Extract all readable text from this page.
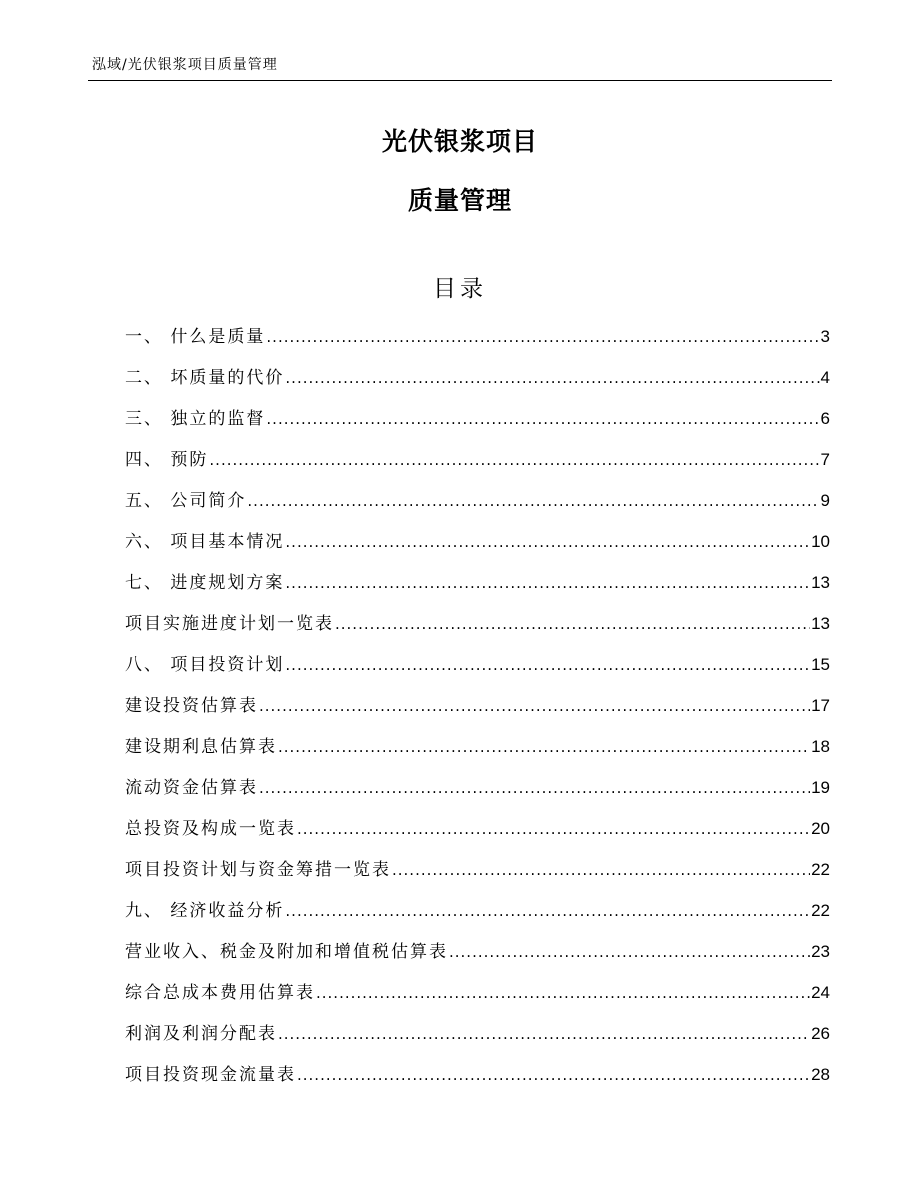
泓域/光伏银浆项目质量管理
光伏银浆项目
质量管理
目录
一、 什么是质量 .....	3
二、 坏质量的代价 .....	4
三、 独立的监督 .....	6
四、 预防 .....	7
五、 公司简介 .....	9
六、 项目基本情况 .....	10
七、 进度规划方案 .....	13
项目实施进度计划一览表 .....	13
八、 项目投资计划 .....	15
建设投资估算表 .....	17
建设期利息估算表 .....	18
流动资金估算表 .....	19
总投资及构成一览表 .....	20
项目投资计划与资金筹措一览表 .....	22
九、 经济收益分析 .....	22
营业收入、税金及附加和增值税估算表 .....	23
综合总成本费用估算表 .....	24
利润及利润分配表 .....	26
项目投资现金流量表 .....	28
